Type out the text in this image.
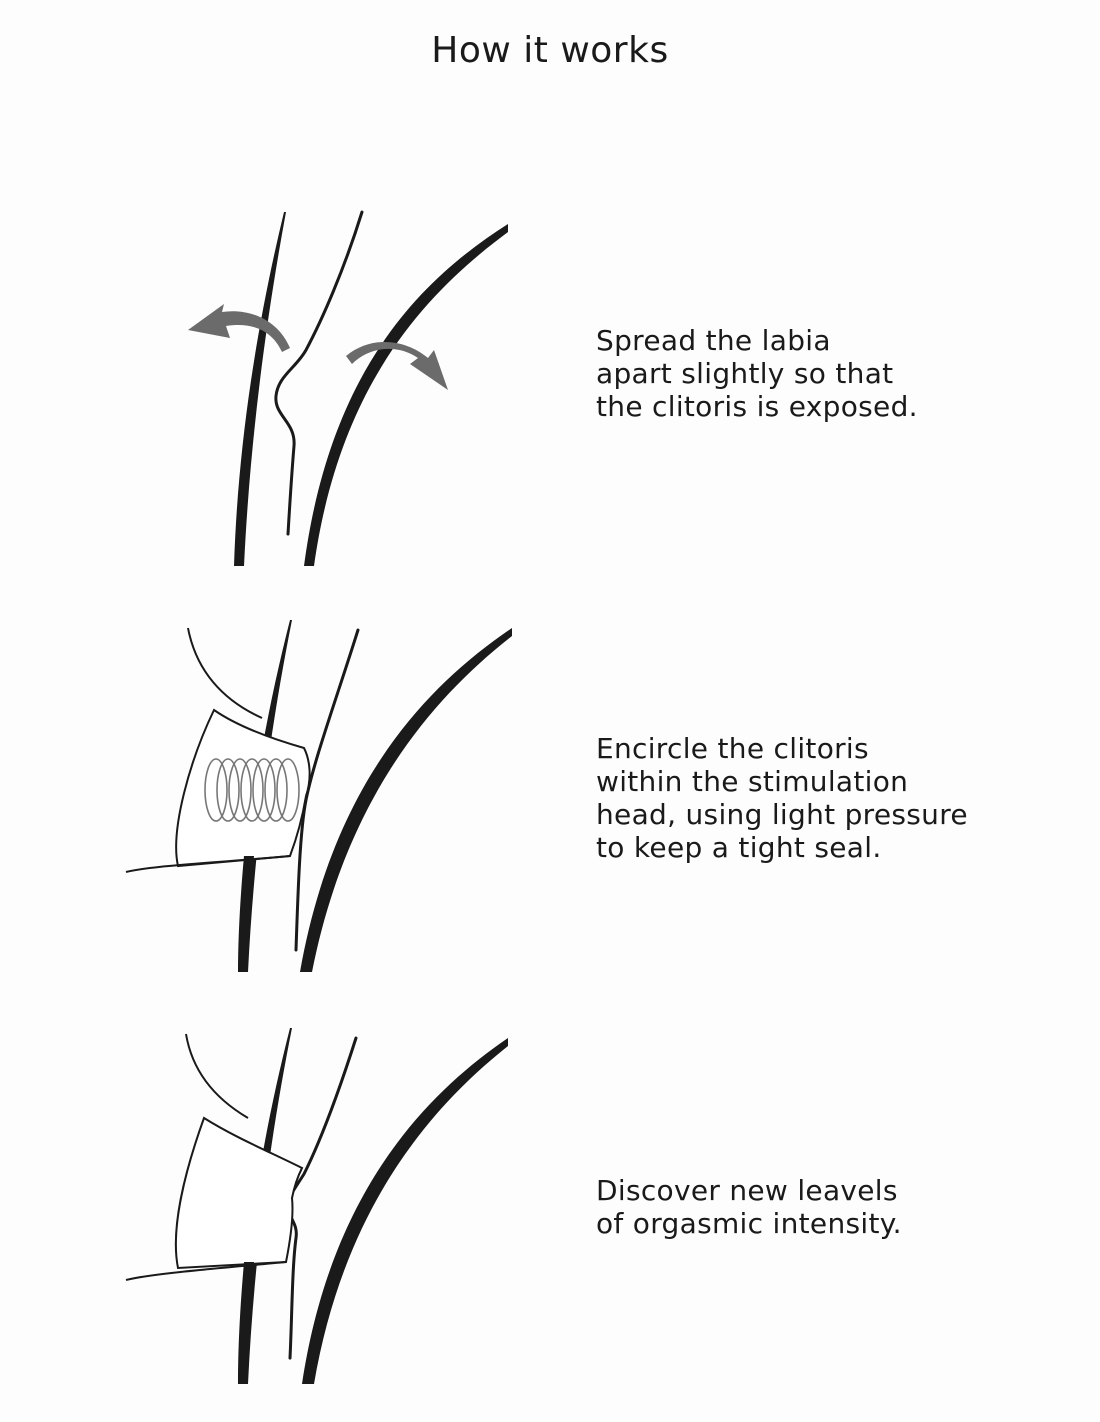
How it works
Spread the labia
apart slightly so that
the clitoris is exposed.
Encircle the clitoris
within the stimulation
head, using light pressure
to keep a tight seal.
Discover new leavels
of orgasmic intensity.
